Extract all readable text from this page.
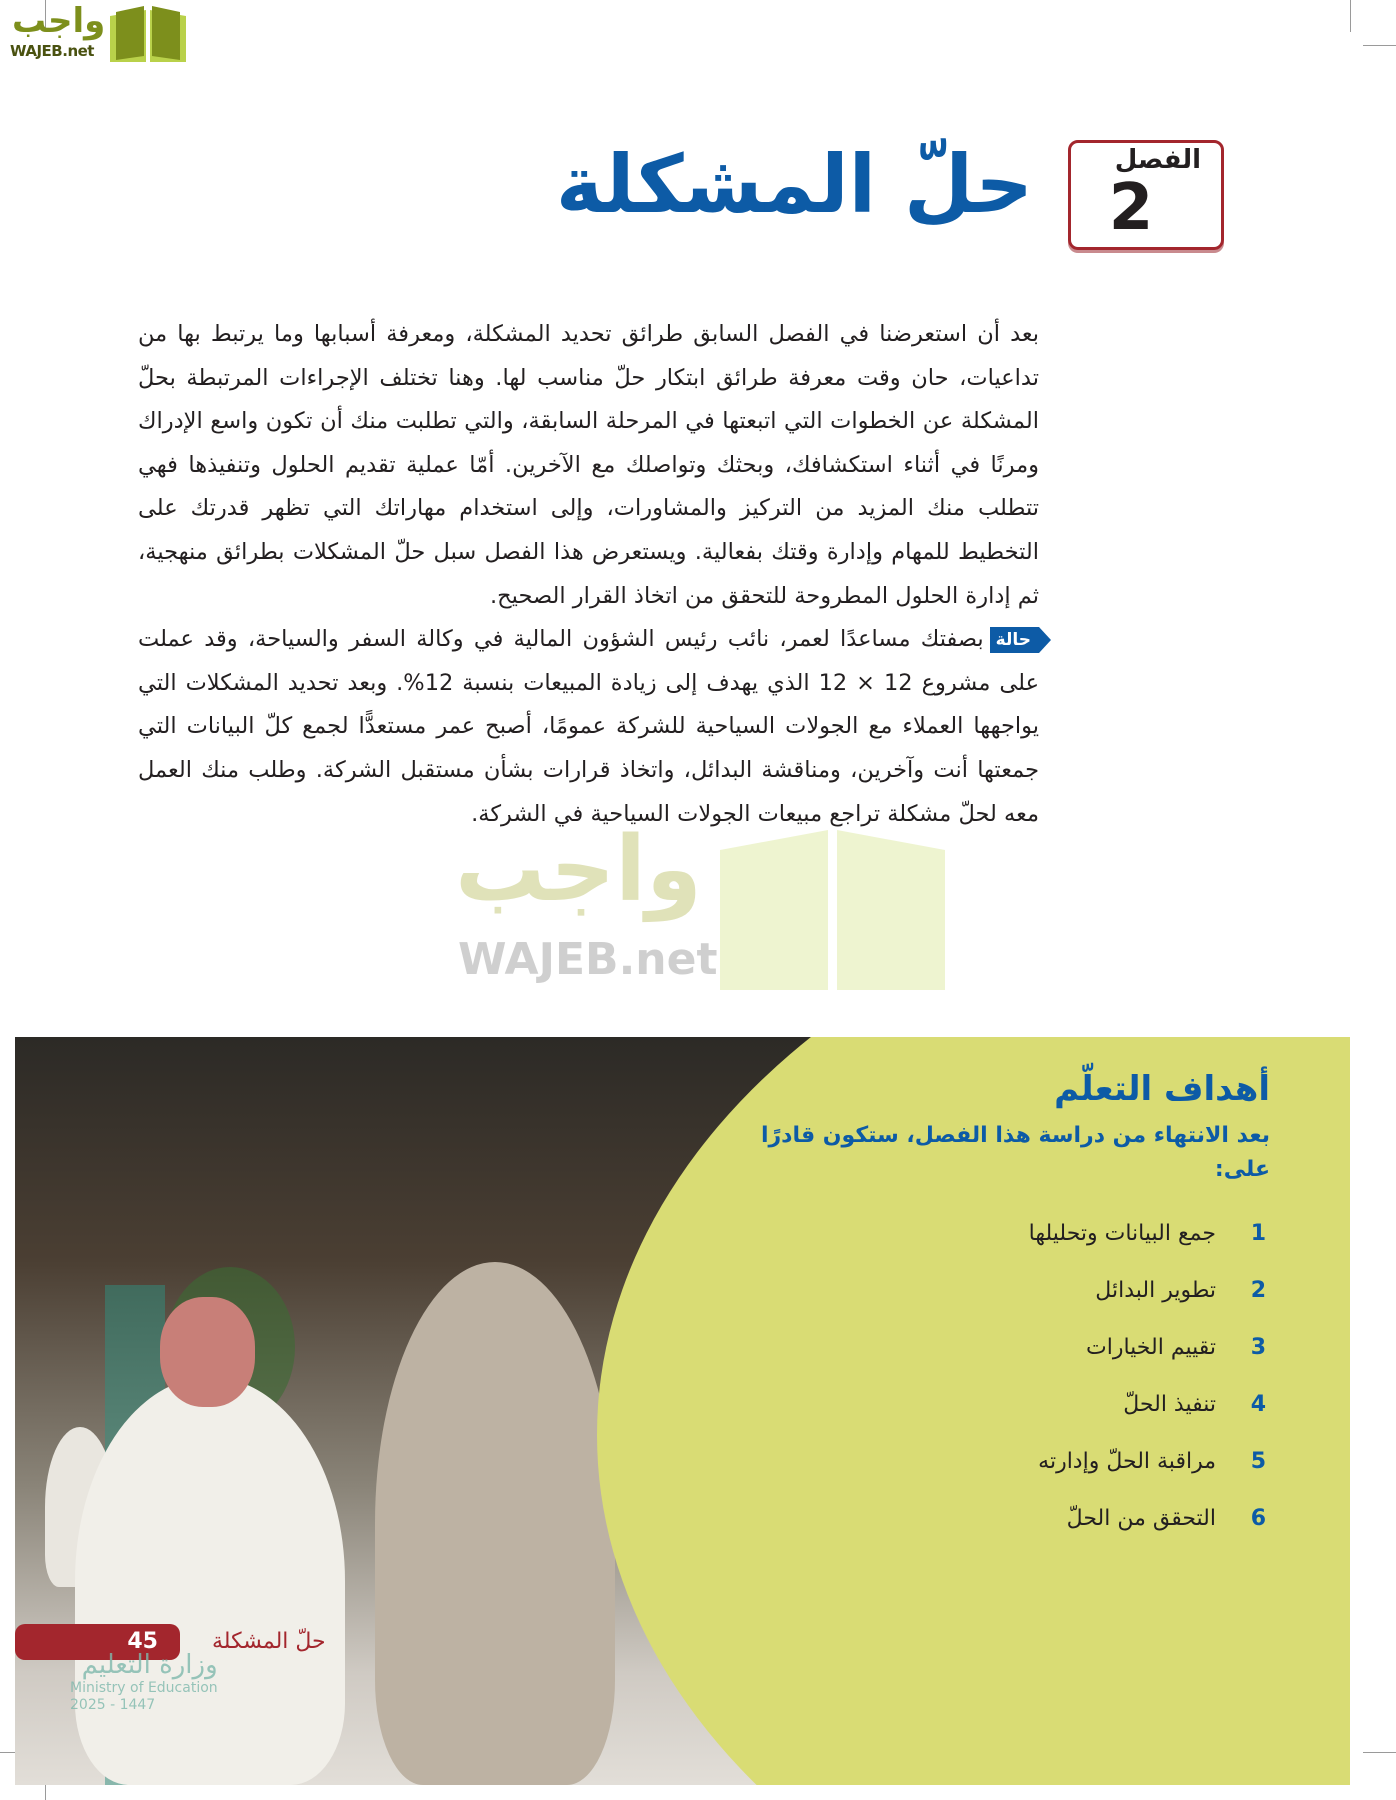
واجب
WAJEB.net
الفصل
2
حلّ المشكلة

بعد أن استعرضنا في الفصل السابق طرائق تحديد المشكلة، ومعرفة أسبابها وما يرتبط بها من تداعيات، حان وقت معرفة طرائق ابتكار حلّ مناسب لها. وهنا تختلف الإجراءات المرتبطة بحلّ المشكلة عن الخطوات التي اتبعتها في المرحلة السابقة، والتي تطلبت منك أن تكون واسع الإدراك ومرنًا في أثناء استكشافك، وبحثك وتواصلك مع الآخرين. أمّا عملية تقديم الحلول وتنفيذها فهي تتطلب منك المزيد من التركيز والمشاورات، وإلى استخدام مهاراتك التي تظهر قدرتك على التخطيط للمهام وإدارة وقتك بفعالية. ويستعرض هذا الفصل سبل حلّ المشكلات بطرائق منهجية، ثم إدارة الحلول المطروحة للتحقق من اتخاذ القرار الصحيح.

حالةبصفتك مساعدًا لعمر، نائب رئيس الشؤون المالية في وكالة السفر والسياحة، وقد عملت على مشروع 12 × 12 الذي يهدف إلى زيادة المبيعات بنسبة 12%. وبعد تحديد المشكلات التي يواجهها العملاء مع الجولات السياحية للشركة عمومًا، أصبح عمر مستعدًّا لجمع كلّ البيانات التي جمعتها أنت وآخرين، ومناقشة البدائل، واتخاذ قرارات بشأن مستقبل الشركة. وطلب منك العمل معه لحلّ مشكلة تراجع مبيعات الجولات السياحية في الشركة.

واجب
WAJEB.net
أهداف التعلّم
بعد الانتهاء من دراسة هذا الفصل، ستكون قادرًا على:
1
جمع البيانات وتحليلها
2
تطوير البدائل
3
تقييم الخيارات
4
تنفيذ الحلّ
5
مراقبة الحلّ وإدارته
6
التحقق من الحلّ
45	حلّ المشكلة
وزارة التعليم
Ministry of Education
2025 - 1447
